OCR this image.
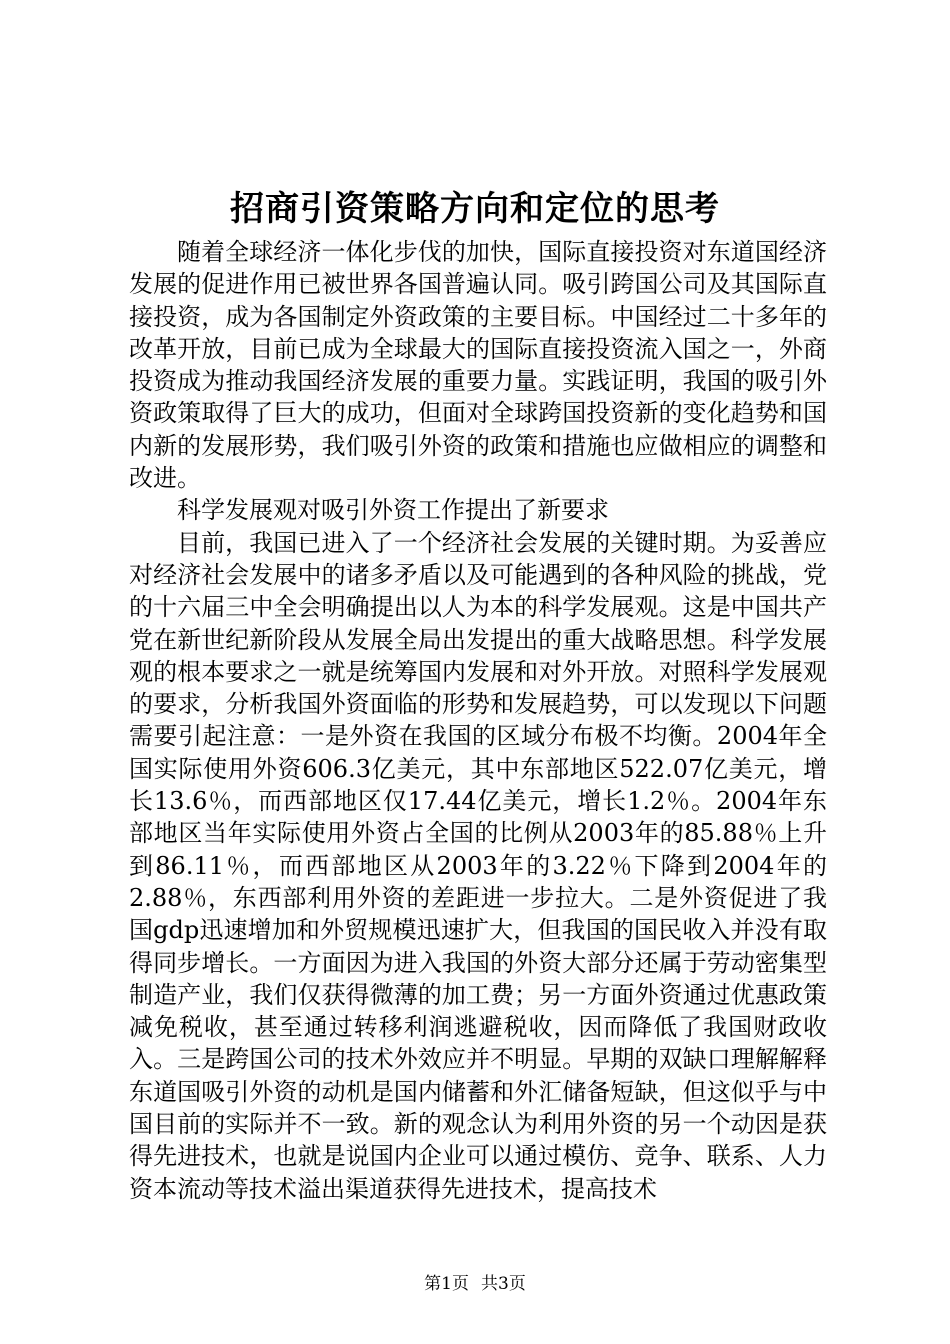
招商引资策略方向和定位的思考

随着全球经济一体化步伐的加快，国际直接投资对东道国经济发展的促进作用已被世界各国普遍认同。吸引跨国公司及其国际直接投资，成为各国制定外资政策的主要目标。中国经过二十多年的改革开放，目前已成为全球最大的国际直接投资流入国之一，外商投资成为推动我国经济发展的重要力量。实践证明，我国的吸引外资政策取得了巨大的成功，但面对全球跨国投资新的变化趋势和国内新的发展形势，我们吸引外资的政策和措施也应做相应的调整和改进。

科学发展观对吸引外资工作提出了新要求

目前，我国已进入了一个经济社会发展的关键时期。为妥善应对经济社会发展中的诸多矛盾以及可能遇到的各种风险的挑战，党的十六届三中全会明确提出以人为本的科学发展观。这是中国共产党在新世纪新阶段从发展全局出发提出的重大战略思想。科学发展观的根本要求之一就是统筹国内发展和对外开放。对照科学发展观的要求，分析我国外资面临的形势和发展趋势，可以发现以下问题需要引起注意：一是外资在我国的区域分布极不均衡。2004年全国实际使用外资606.3亿美元，其中东部地区522.07亿美元，增长13.6％，而西部地区仅17.44亿美元，增长1.2％。2004年东部地区当年实际使用外资占全国的比例从2003年的85.88％上升到86.11％，而西部地区从2003年的3.22％下降到2004年的2.88％，东西部利用外资的差距进一步拉大。二是外资促进了我国gdp迅速增加和外贸规模迅速扩大，但我国的国民收入并没有取得同步增长。一方面因为进入我国的外资大部分还属于劳动密集型制造产业，我们仅获得微薄的加工费；另一方面外资通过优惠政策减免税收，甚至通过转移利润逃避税收，因而降低了我国财政收入。三是跨国公司的技术外效应并不明显。早期的双缺口理解解释东道国吸引外资的动机是国内储蓄和外汇储备短缺，但这似乎与中国目前的实际并不一致。新的观念认为利用外资的另一个动因是获得先进技术，也就是说国内企业可以通过模仿、竞争、联系、人力资本流动等技术溢出渠道获得先进技术，提高技术

第1页 共3页
